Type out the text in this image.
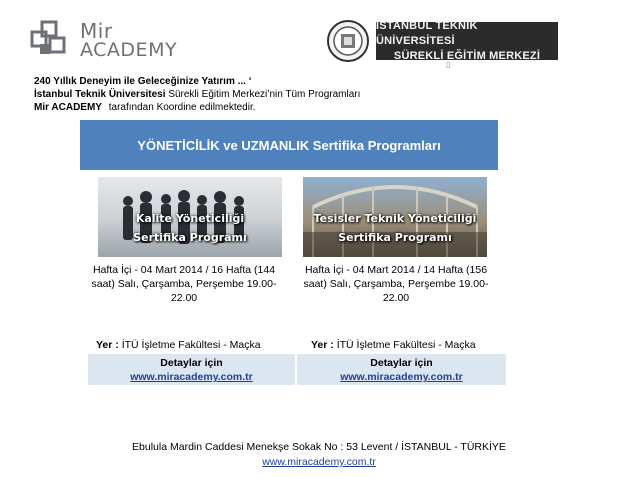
Mir
ACADEMY
İSTANBUL TEKNİK ÜNİVERSİTESİ
SÜREKLİ EĞİTİM MERKEZİ
▯
240 Yıllık Deneyim ile Geleceğinize Yatırım ... ‘
İstanbul Teknik Üniversitesi Sürekli Eğitim Merkezi’nin Tüm Programları
Mir ACADEMY tarafından Koordine edilmektedir.
YÖNETİCİLİK ve UZMANLIK Sertifika Programları
Kalite Yöneticiliği
Sertifika Programı
Tesisler Teknik Yöneticiliği
Sertifika Programı
Hafta İçi - 04 Mart 2014 / 16 Hafta (144 saat) Salı, Çarşamba, Perşembe 19.00-22.00
Hafta İçi - 04 Mart 2014 / 14 Hafta (156 saat) Salı, Çarşamba, Perşembe 19.00-22.00
Yer : İTÜ İşletme Fakültesi - Maçka	Yer : İTÜ İşletme Fakültesi - Maçka
Detaylar için
www.miracademy.com.tr
Detaylar için
www.miracademy.com.tr
Ebulula Mardin Caddesi Menekşe Sokak No : 53 Levent / İSTANBUL - TÜRKİYE
www.miracademy.com.tr
